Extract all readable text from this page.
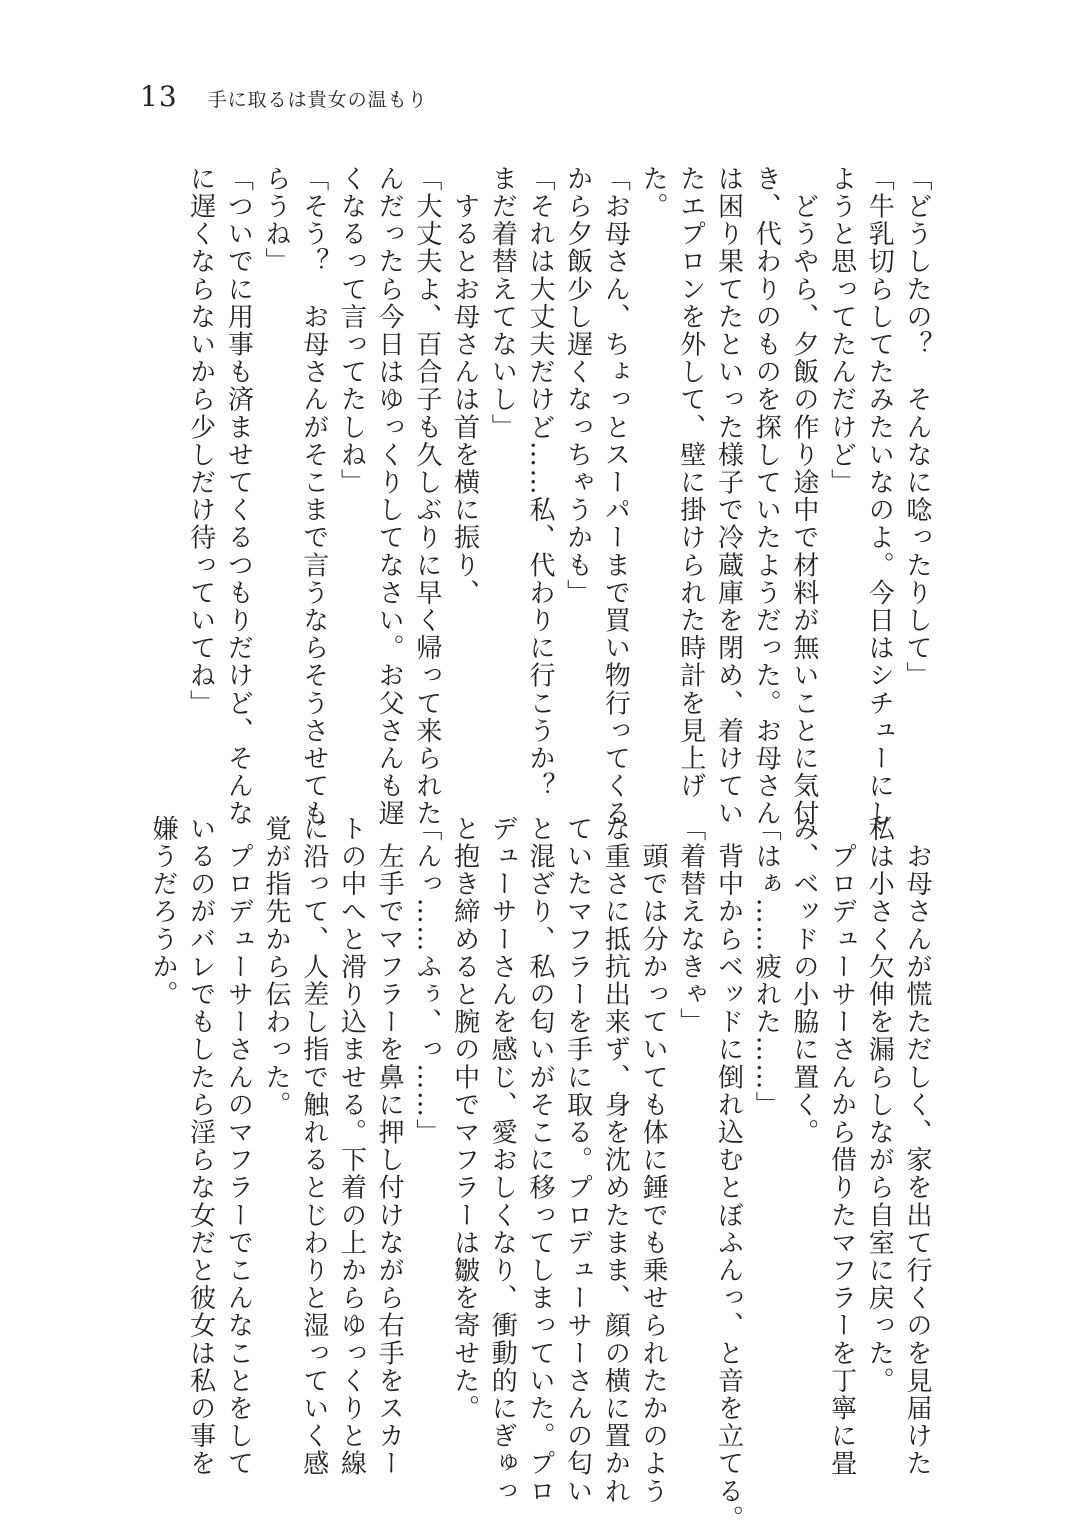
13 手に取るは貴女の温もり
「どうしたの？　そんなに唸ったりして」
「牛乳切らしてたみたいなのよ。今日はシチューにし
ようと思ってたんだけど」
　どうやら、夕飯の作り途中で材料が無いことに気付
き、代わりのものを探していたようだった。お母さん
は困り果てたといった様子で冷蔵庫を閉め、着けてい
たエプロンを外して、壁に掛けられた時計を見上げ
た。
「お母さん、ちょっとスーパーまで買い物行ってくる
から夕飯少し遅くなっちゃうかも」
「それは大丈夫だけど……私、代わりに行こうか？
まだ着替えてないし」
　するとお母さんは首を横に振り、
「大丈夫よ、百合子も久しぶりに早く帰って来られた
んだったら今日はゆっくりしてなさい。お父さんも遅
くなるって言ってたしね」
「そう？　お母さんがそこまで言うならそうさせても
らうね」
「ついでに用事も済ませてくるつもりだけど、そんな
に遅くならないから少しだけ待っていてね」
　お母さんが慌ただしく、家を出て行くのを見届けた
私は小さく欠伸を漏らしながら自室に戻った。
　プロデューサーさんから借りたマフラーを丁寧に畳
み、ベッドの小脇に置く。
「はぁ……疲れた……」
　背中からベッドに倒れ込むとぼふんっ、と音を立てる。
「着替えなきゃ」
　頭では分かっていても体に錘でも乗せられたかのよう
な重さに抵抗出来ず、身を沈めたまま、顔の横に置かれ
ていたマフラーを手に取る。プロデューサーさんの匂い
と混ざり、私の匂いがそこに移ってしまっていた。プロ
デューサーさんを感じ、愛おしくなり、衝動的にぎゅっ
と抱き締めると腕の中でマフラーは皺を寄せた。
「んっ……ふぅ、っ……」
　左手でマフラーを鼻に押し付けながら右手をスカー
トの中へと滑り込ませる。下着の上からゆっくりと線
に沿って、人差し指で触れるとじわりと湿っていく感
覚が指先から伝わった。
　プロデューサーさんのマフラーでこんなことをして
いるのがバレでもしたら淫らな女だと彼女は私の事を
嫌うだろうか。
